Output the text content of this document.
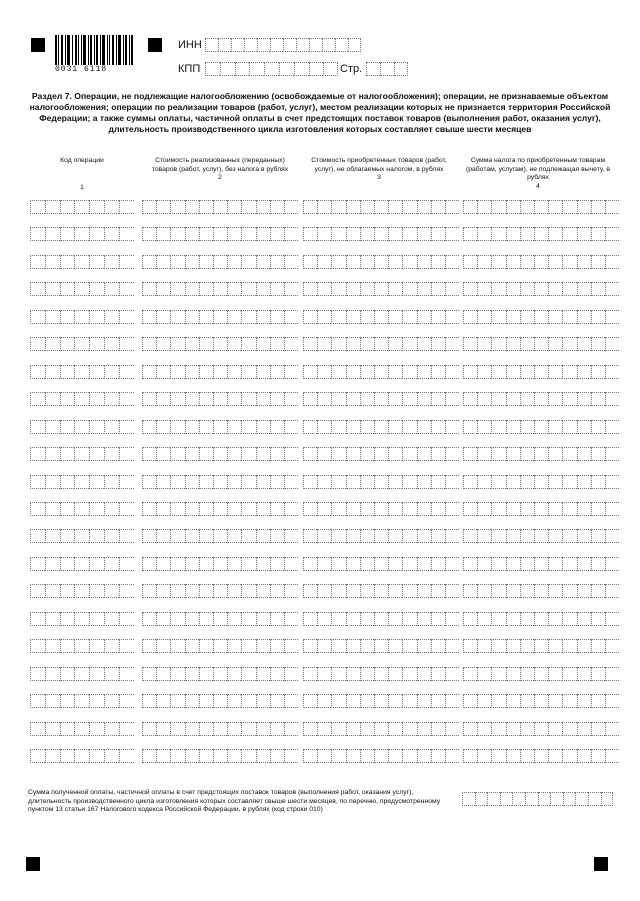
0031 6118
ИНН
КПП	Стр.
Раздел 7. Операции, не подлежащие налогообложению (освобождаемые от налогообложения); операции, не признаваемые объектом налогообложения; операции по реализации товаров (работ, услуг), местом реализации которых не признается территория Российской Федерации; а также суммы оплаты, частичной оплаты в счет предстоящих поставок товаров (выполнения работ, оказания услуг), длительность производственного цикла изготовления которых составляет свыше шести месяцев
Код операции
1
Стоимость реализованных (переданных) товаров (работ, услуг), без налога в рублях
2
Стоимость приобретенных товаров (работ, услуг), не облагаемых налогом, в рублях
3
Сумма налога по приобретенным товарам (работам, услугам), не подлежащая вычету, в рублях
4
Сумма полученной оплаты, частичной оплаты в счет предстоящих поставок товаров (выполнения работ, оказания услуг), длительность производственного цикла изготовления которых составляет свыше шести месяцев, по перечню, предусмотренному пунктом 13 статьи 167 Налогового кодекса Российской Федерации, в рублях (код строки 010)
